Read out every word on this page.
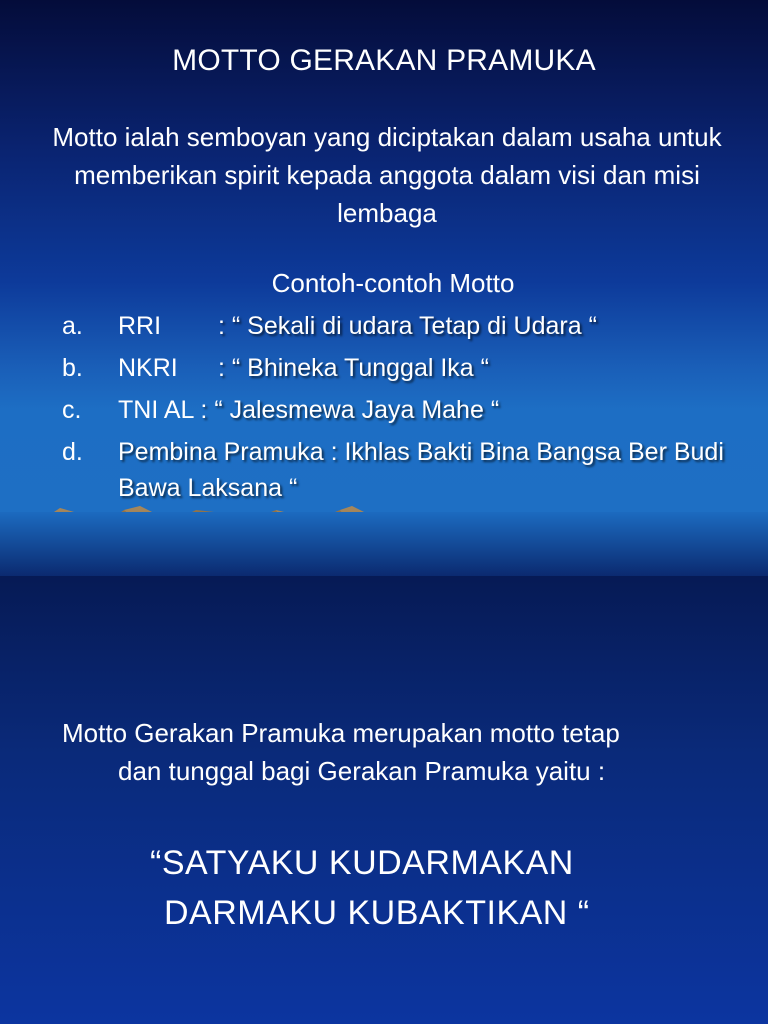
MOTTO GERAKAN PRAMUKA
Motto ialah semboyan yang diciptakan dalam usaha untuk memberikan spirit kepada anggota dalam visi dan misi lembaga
Contoh-contoh Motto
a.	RRI	: “ Sekali di udara Tetap di Udara “
b.	NKRI	: “ Bhineka Tunggal Ika “
c.	TNI AL : “ Jalesmewa Jaya Mahe “
d.	Pembina Pramuka : Ikhlas Bakti Bina Bangsa Ber Budi Bawa Laksana “
Motto Gerakan Pramuka merupakan motto tetap
dan tunggal bagi Gerakan Pramuka yaitu :
“SATYAKU KUDARMAKAN
DARMAKU KUBAKTIKAN “
